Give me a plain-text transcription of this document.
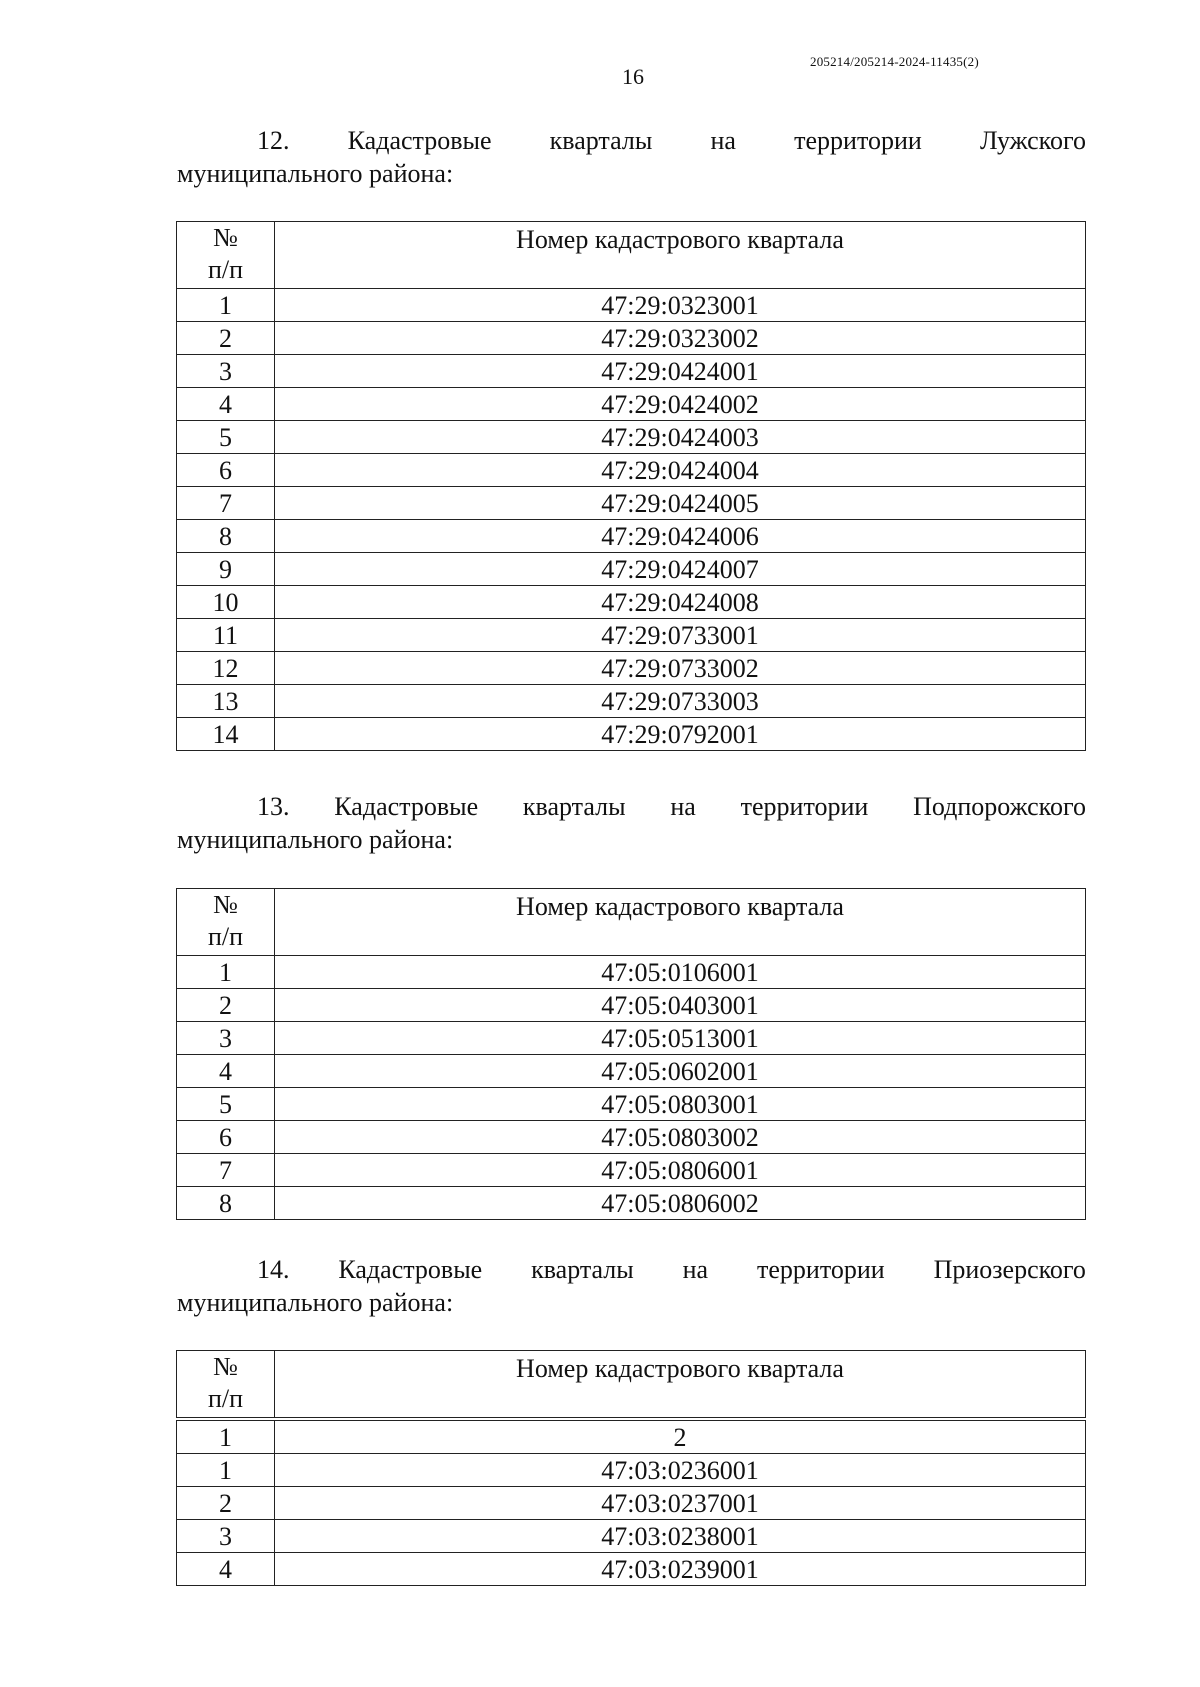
205214/205214-2024-11435(2)
16
12. Кадастровые кварталы на территории Лужского
муниципального района:
№
п/п	Номер кадастрового квартала
1	47:29:0323001
2	47:29:0323002
3	47:29:0424001
4	47:29:0424002
5	47:29:0424003
6	47:29:0424004
7	47:29:0424005
8	47:29:0424006
9	47:29:0424007
10	47:29:0424008
11	47:29:0733001
12	47:29:0733002
13	47:29:0733003
14	47:29:0792001
13. Кадастровые кварталы на территории Подпорожского
муниципального района:
№
п/п	Номер кадастрового квартала
1	47:05:0106001
2	47:05:0403001
3	47:05:0513001
4	47:05:0602001
5	47:05:0803001
6	47:05:0803002
7	47:05:0806001
8	47:05:0806002
14. Кадастровые кварталы на территории Приозерского
муниципального района:
№
п/п	Номер кадастрового квартала
1	2
1	47:03:0236001
2	47:03:0237001
3	47:03:0238001
4	47:03:0239001
